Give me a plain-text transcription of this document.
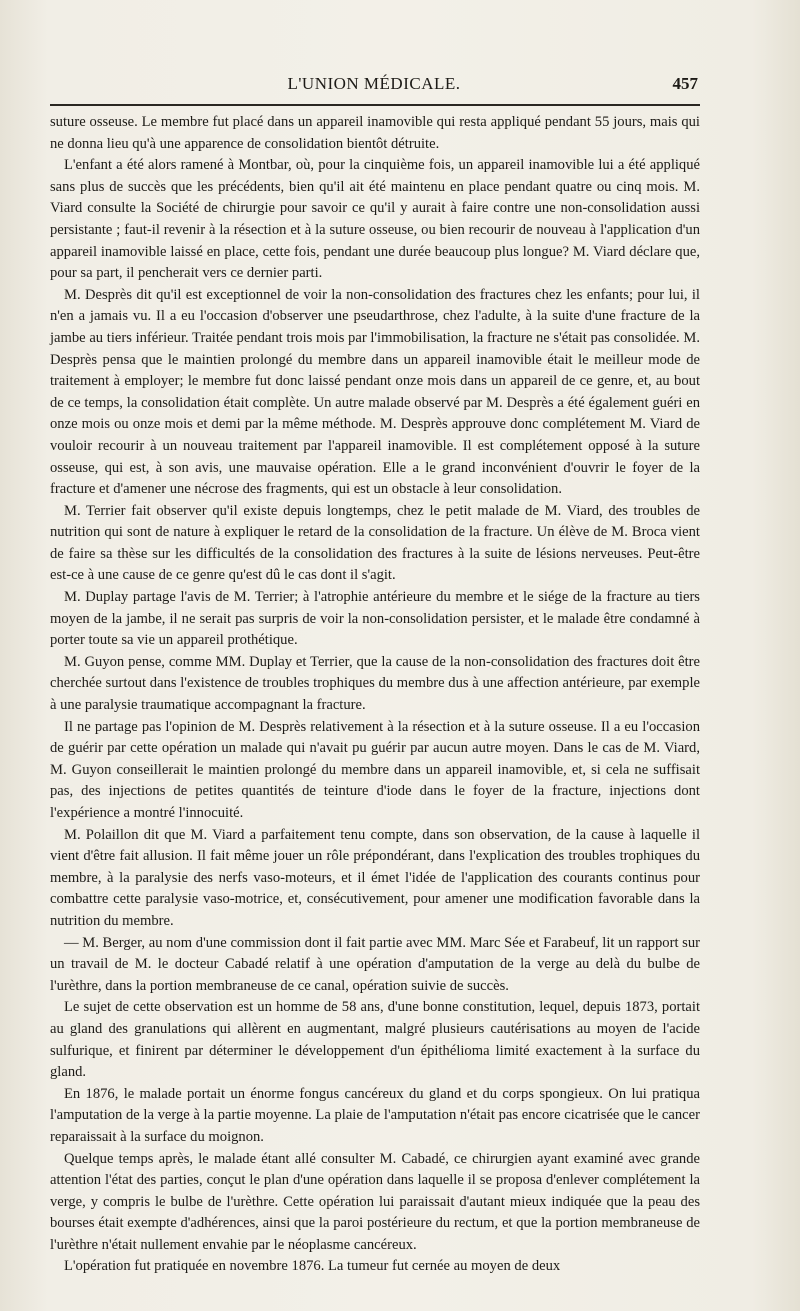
L'UNION MÉDICALE.	457

suture osseuse. Le membre fut placé dans un appareil inamovible qui resta appliqué pendant 55 jours, mais qui ne donna lieu qu'à une apparence de consolidation bientôt détruite.

L'enfant a été alors ramené à Montbar, où, pour la cinquième fois, un appareil inamovible lui a été appliqué sans plus de succès que les précédents, bien qu'il ait été maintenu en place pendant quatre ou cinq mois. M. Viard consulte la Société de chirurgie pour savoir ce qu'il y aurait à faire contre une non-consolidation aussi persistante ; faut-il revenir à la résection et à la suture osseuse, ou bien recourir de nouveau à l'application d'un appareil inamovible laissé en place, cette fois, pendant une durée beaucoup plus longue? M. Viard déclare que, pour sa part, il pencherait vers ce dernier parti.

M. Desprès dit qu'il est exceptionnel de voir la non-consolidation des fractures chez les enfants; pour lui, il n'en a jamais vu. Il a eu l'occasion d'observer une pseudarthrose, chez l'adulte, à la suite d'une fracture de la jambe au tiers inférieur. Traitée pendant trois mois par l'immobilisation, la fracture ne s'était pas consolidée. M. Desprès pensa que le maintien prolongé du membre dans un appareil inamovible était le meilleur mode de traitement à employer; le membre fut donc laissé pendant onze mois dans un appareil de ce genre, et, au bout de ce temps, la consolidation était complète. Un autre malade observé par M. Desprès a été également guéri en onze mois ou onze mois et demi par la même méthode. M. Desprès approuve donc complétement M. Viard de vouloir recourir à un nouveau traitement par l'appareil inamovible. Il est complétement opposé à la suture osseuse, qui est, à son avis, une mauvaise opération. Elle a le grand inconvénient d'ouvrir le foyer de la fracture et d'amener une nécrose des fragments, qui est un obstacle à leur consolidation.

M. Terrier fait observer qu'il existe depuis longtemps, chez le petit malade de M. Viard, des troubles de nutrition qui sont de nature à expliquer le retard de la consolidation de la fracture. Un élève de M. Broca vient de faire sa thèse sur les difficultés de la consolidation des fractures à la suite de lésions nerveuses. Peut-être est-ce à une cause de ce genre qu'est dû le cas dont il s'agit.

M. Duplay partage l'avis de M. Terrier; à l'atrophie antérieure du membre et le siége de la fracture au tiers moyen de la jambe, il ne serait pas surpris de voir la non-consolidation persister, et le malade être condamné à porter toute sa vie un appareil prothétique.

M. Guyon pense, comme MM. Duplay et Terrier, que la cause de la non-consolidation des fractures doit être cherchée surtout dans l'existence de troubles trophiques du membre dus à une affection antérieure, par exemple à une paralysie traumatique accompagnant la fracture.

Il ne partage pas l'opinion de M. Desprès relativement à la résection et à la suture osseuse. Il a eu l'occasion de guérir par cette opération un malade qui n'avait pu guérir par aucun autre moyen. Dans le cas de M. Viard, M. Guyon conseillerait le maintien prolongé du membre dans un appareil inamovible, et, si cela ne suffisait pas, des injections de petites quantités de teinture d'iode dans le foyer de la fracture, injections dont l'expérience a montré l'innocuité.

M. Polaillon dit que M. Viard a parfaitement tenu compte, dans son observation, de la cause à laquelle il vient d'être fait allusion. Il fait même jouer un rôle prépondérant, dans l'explication des troubles trophiques du membre, à la paralysie des nerfs vaso-moteurs, et il émet l'idée de l'application des courants continus pour combattre cette paralysie vaso-motrice, et, consécutivement, pour amener une modification favorable dans la nutrition du membre.

— M. Berger, au nom d'une commission dont il fait partie avec MM. Marc Sée et Farabeuf, lit un rapport sur un travail de M. le docteur Cabadé relatif à une opération d'amputation de la verge au delà du bulbe de l'urèthre, dans la portion membraneuse de ce canal, opération suivie de succès.

Le sujet de cette observation est un homme de 58 ans, d'une bonne constitution, lequel, depuis 1873, portait au gland des granulations qui allèrent en augmentant, malgré plusieurs cautérisations au moyen de l'acide sulfurique, et finirent par déterminer le développement d'un épithélioma limité exactement à la surface du gland.

En 1876, le malade portait un énorme fongus cancéreux du gland et du corps spongieux. On lui pratiqua l'amputation de la verge à la partie moyenne. La plaie de l'amputation n'était pas encore cicatrisée que le cancer reparaissait à la surface du moignon.

Quelque temps après, le malade étant allé consulter M. Cabadé, ce chirurgien ayant examiné avec grande attention l'état des parties, conçut le plan d'une opération dans laquelle il se proposa d'enlever complétement la verge, y compris le bulbe de l'urèthre. Cette opération lui paraissait d'autant mieux indiquée que la peau des bourses était exempte d'adhérences, ainsi que la paroi postérieure du rectum, et que la portion membraneuse de l'urèthre n'était nullement envahie par le néoplasme cancéreux.

L'opération fut pratiquée en novembre 1876. La tumeur fut cernée au moyen de deux
